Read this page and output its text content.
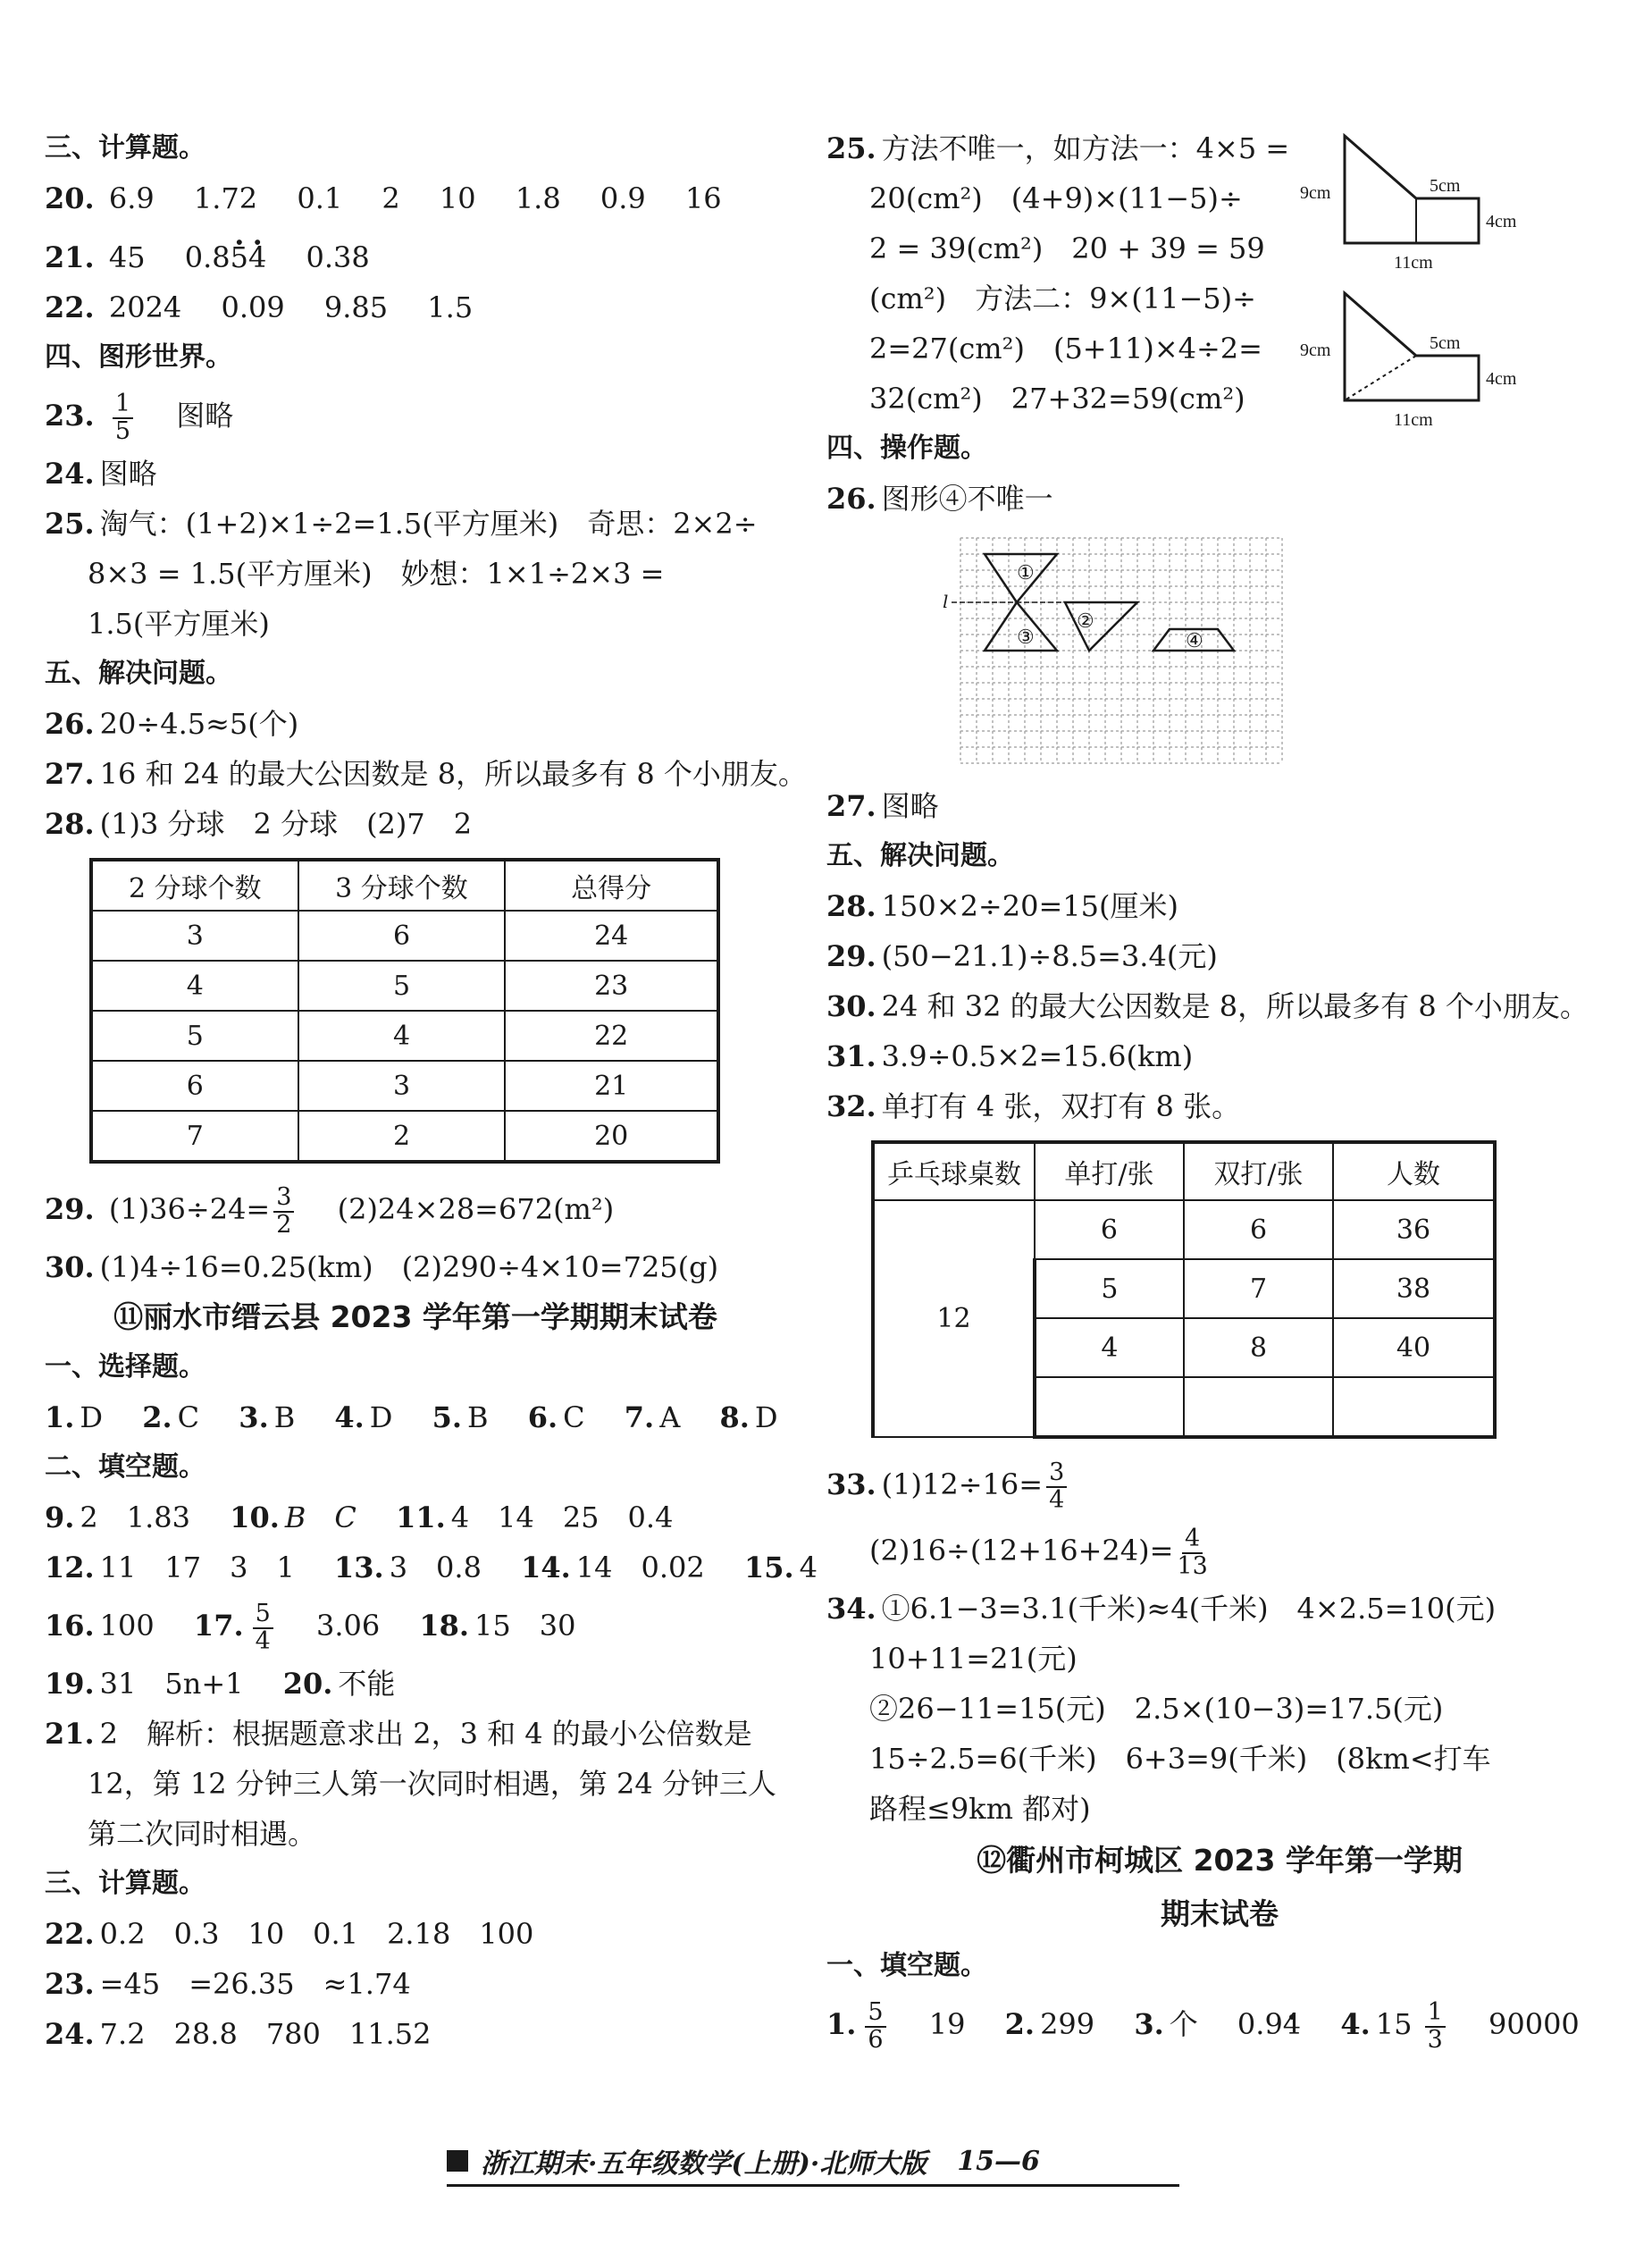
三、计算题。
20. 6.9 1.72 0.1 2 10 1.8 0.9 16
21. 45 0.85 ·4 · 0.38
22. 2024 0.09 9.85 1.5
四、图形世界。
23. $\frac{1}{5}$ 图略
24. 图略
25. 淘气：(1+2)×1÷2=1.5(平方厘米)　奇思：2×2÷
8×3 = 1.5(平方厘米)　妙想：1×1÷2×3 =
1.5(平方厘米)
五、解决问题。
26. 20÷4.5≈5(个)
27. 16 和 24 的最大公因数是 8，所以最多有 8 个小朋友。
28. (1)3 分球　2 分球　(2)7　2
2 分球个数	3 分球个数	总得分
3	6	24
4	5	23
5	4	22
6	3	21
7	2	20
29. $(1)36\div 24= \frac{3}{2} (2)24\times 28=672(m^2)$
30. (1)4÷16=0.25(km)　(2)290÷4×10=725(g)
⑪丽水市缙云县 2023 学年第一学期期末试卷
一、选择题。
1. D 2. C 3. B 4. D 5. B 6. C 7. A 8. D
二、填空题。
9. 2　1.83 10. B　C 11. 4　14　25　0.4
12. 11　17　3　1 13. 3　0.8 14. 14　0.02 15. 4
16. 100 17. $\frac{5}{4} 3.06$ 18. 15　30
19. 31　5n+1 20. 不能
21. 2　解析：根据题意求出 2，3 和 4 的最小公倍数是
12，第 12 分钟三人第一次同时相遇，第 24 分钟三人
第二次同时相遇。
三、计算题。
22. 0.2　0.3　10　0.1　2.18　100
23. =45　=26.35　≈1.74
24. 7.2　28.8　780　11.52
25. 方法不唯一，如方法一：4×5 =
20(cm²)　(4+9)×(11−5)÷
2 = 39(cm²)　20 + 39 = 59
(cm²)　方法二：9×(11−5)÷
2=27(cm²)　(5+11)×4÷2=
32(cm²)　27+32=59(cm²)
9cm	5cm
4cm
11cm
9cm	5cm
4cm
11cm
四、操作题。
26. 图形④不唯一
l
①
②
③	④
27. 图略
五、解决问题。
28. 150×2÷20=15(厘米)
29. (50−21.1)÷8.5=3.4(元)
30. 24 和 32 的最大公因数是 8，所以最多有 8 个小朋友。
31. 3.9÷0.5×2=15.6(km)
32. 单打有 4 张，双打有 8 张。
乒乓球桌数	单打/张	双打/张	人数
12	6	6	36
	5	7	38
	4	8	40

33. $(1)12\div 16= \frac{3}{4}$
$(2)16\div(12+16+24)= \frac{4}{13}$
34. ①6.1−3=3.1(千米)≈4(千米)　4×2.5=10(元)
10+11=21(元)
②26−11=15(元)　2.5×(10−3)=17.5(元)
15÷2.5=6(千米)　6+3=9(千米)　(8km<打车
路程≤9km 都对)
⑫衢州市柯城区 2023 学年第一学期
期末试卷
一、填空题。
1. $\frac{5}{6} 19$ 2. 299 3. 个 0.94 · 4. $15 \frac{1}{3} 90000$
浙江期末·五年级数学(上册)·北师大版 15—6
